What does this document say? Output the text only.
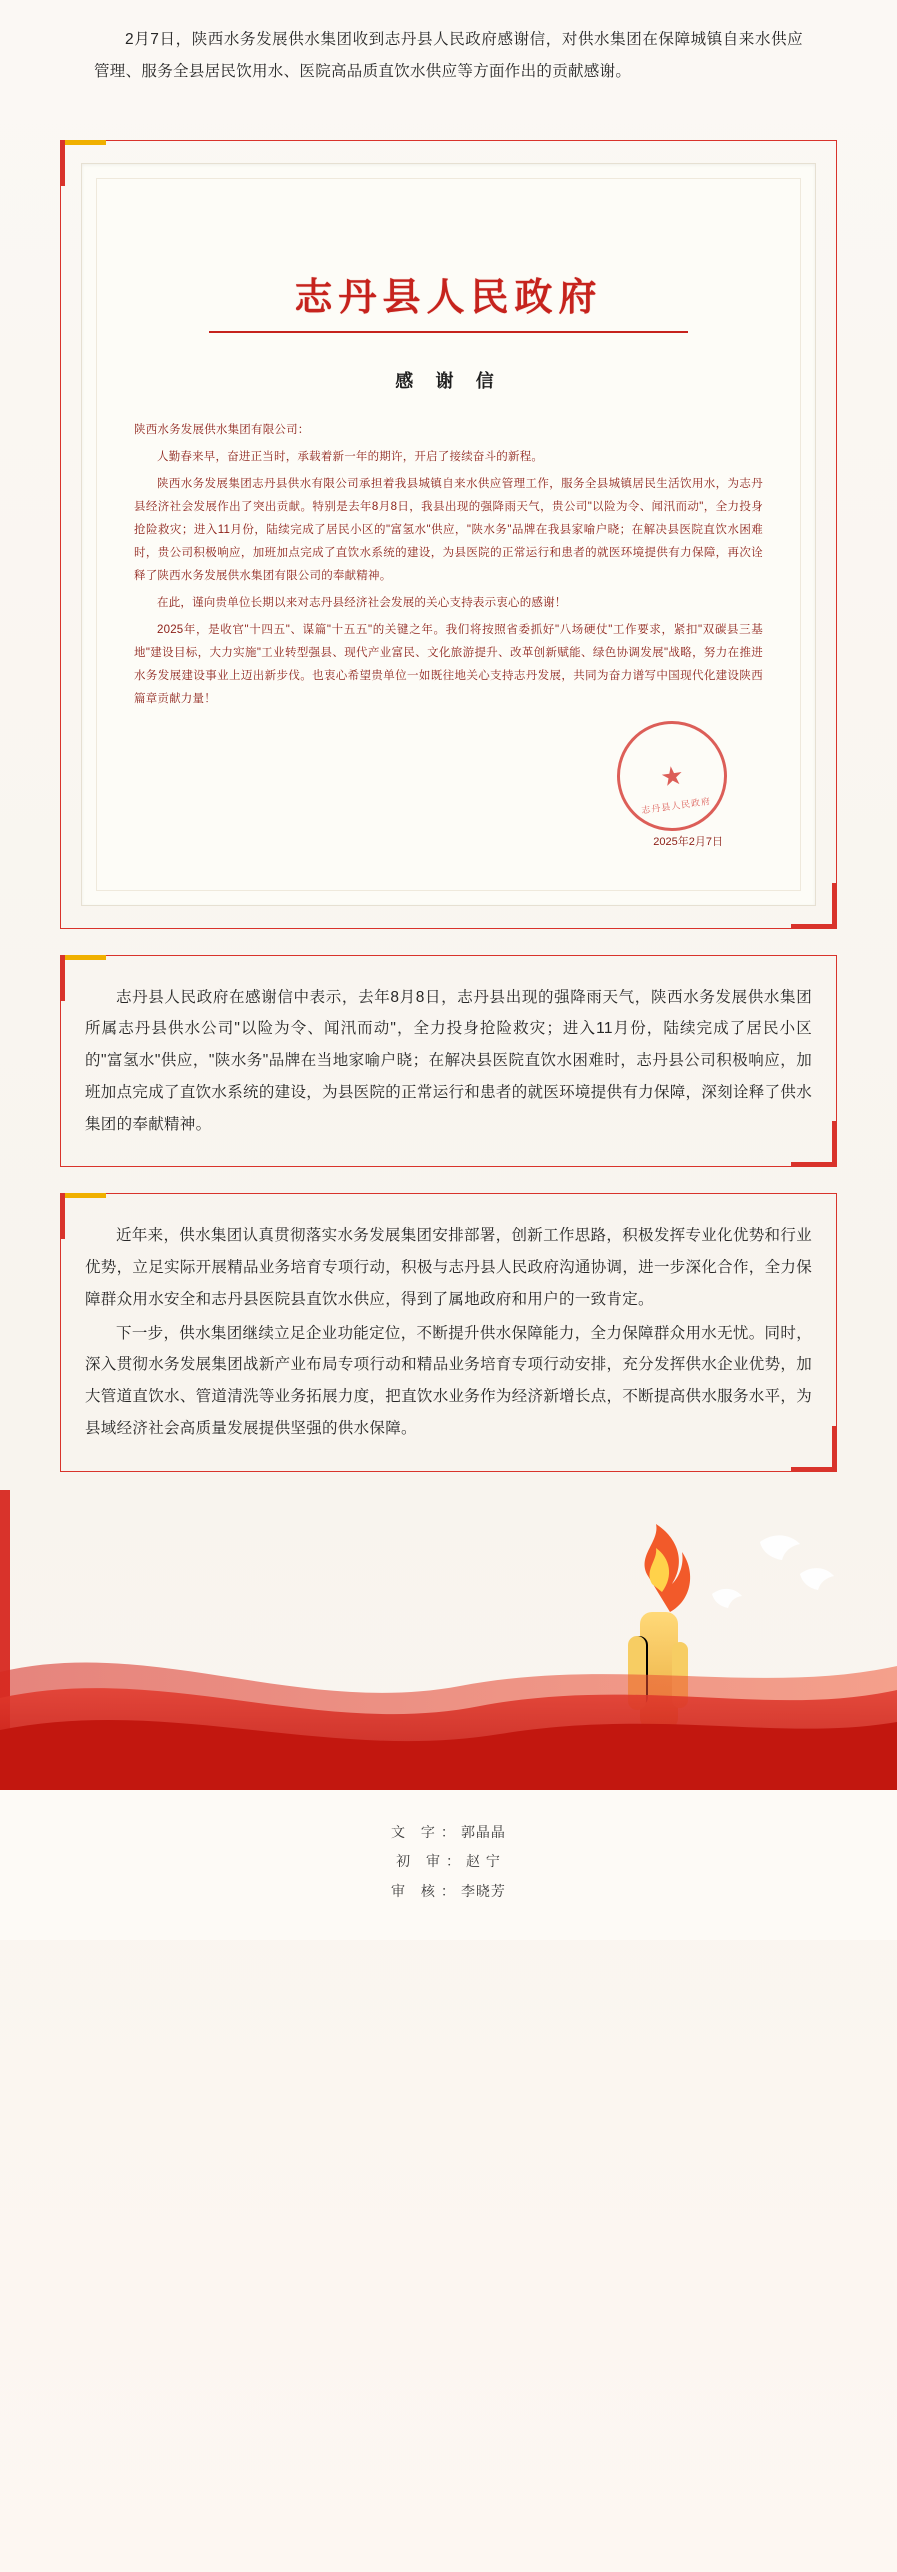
2月7日，陕西水务发展供水集团收到志丹县人民政府感谢信，对供水集团在保障城镇自来水供应管理、服务全县居民饮用水、医院高品质直饮水供应等方面作出的贡献感谢。

志丹县人民政府
感 谢 信

陕西水务发展供水集团有限公司：

人勤春来早，奋进正当时，承载着新一年的期许，开启了接续奋斗的新程。

陕西水务发展集团志丹县供水有限公司承担着我县城镇自来水供应管理工作，服务全县城镇居民生活饮用水，为志丹县经济社会发展作出了突出贡献。特别是去年8月8日，我县出现的强降雨天气，贵公司"以险为令、闻汛而动"，全力投身抢险救灾；进入11月份，陆续完成了居民小区的"富氢水"供应，"陕水务"品牌在我县家喻户晓；在解决县医院直饮水困难时，贵公司积极响应，加班加点完成了直饮水系统的建设，为县医院的正常运行和患者的就医环境提供有力保障，再次诠释了陕西水务发展供水集团有限公司的奉献精神。

在此，谨向贵单位长期以来对志丹县经济社会发展的关心支持表示衷心的感谢！

2025年，是收官"十四五"、谋篇"十五五"的关键之年。我们将按照省委抓好"八场硬仗"工作要求，紧扣"双碳县三基地"建设目标，大力实施"工业转型强县、现代产业富民、文化旅游提升、改革创新赋能、绿色协调发展"战略，努力在推进水务发展建设事业上迈出新步伐。也衷心希望贵单位一如既往地关心支持志丹发展，共同为奋力谱写中国现代化建设陕西篇章贡献力量！

★
志丹县人民政府
2025年2月7日

志丹县人民政府在感谢信中表示，去年8月8日，志丹县出现的强降雨天气，陕西水务发展供水集团所属志丹县供水公司"以险为令、闻汛而动"，全力投身抢险救灾；进入11月份，陆续完成了居民小区的"富氢水"供应，"陕水务"品牌在当地家喻户晓；在解决县医院直饮水困难时，志丹县公司积极响应，加班加点完成了直饮水系统的建设，为县医院的正常运行和患者的就医环境提供有力保障，深刻诠释了供水集团的奉献精神。

近年来，供水集团认真贯彻落实水务发展集团安排部署，创新工作思路，积极发挥专业化优势和行业优势，立足实际开展精品业务培育专项行动，积极与志丹县人民政府沟通协调，进一步深化合作，全力保障群众用水安全和志丹县医院县直饮水供应，得到了属地政府和用户的一致肯定。

下一步，供水集团继续立足企业功能定位，不断提升供水保障能力，全力保障群众用水无忧。同时，深入贯彻水务发展集团战新产业布局专项行动和精品业务培育专项行动安排，充分发挥供水企业优势，加大管道直饮水、管道清洗等业务拓展力度，把直饮水业务作为经济新增长点，不断提高供水服务水平，为县域经济社会高质量发展提供坚强的供水保障。

文 字：郭晶晶
初 审：赵 宁
审 核：李晓芳
